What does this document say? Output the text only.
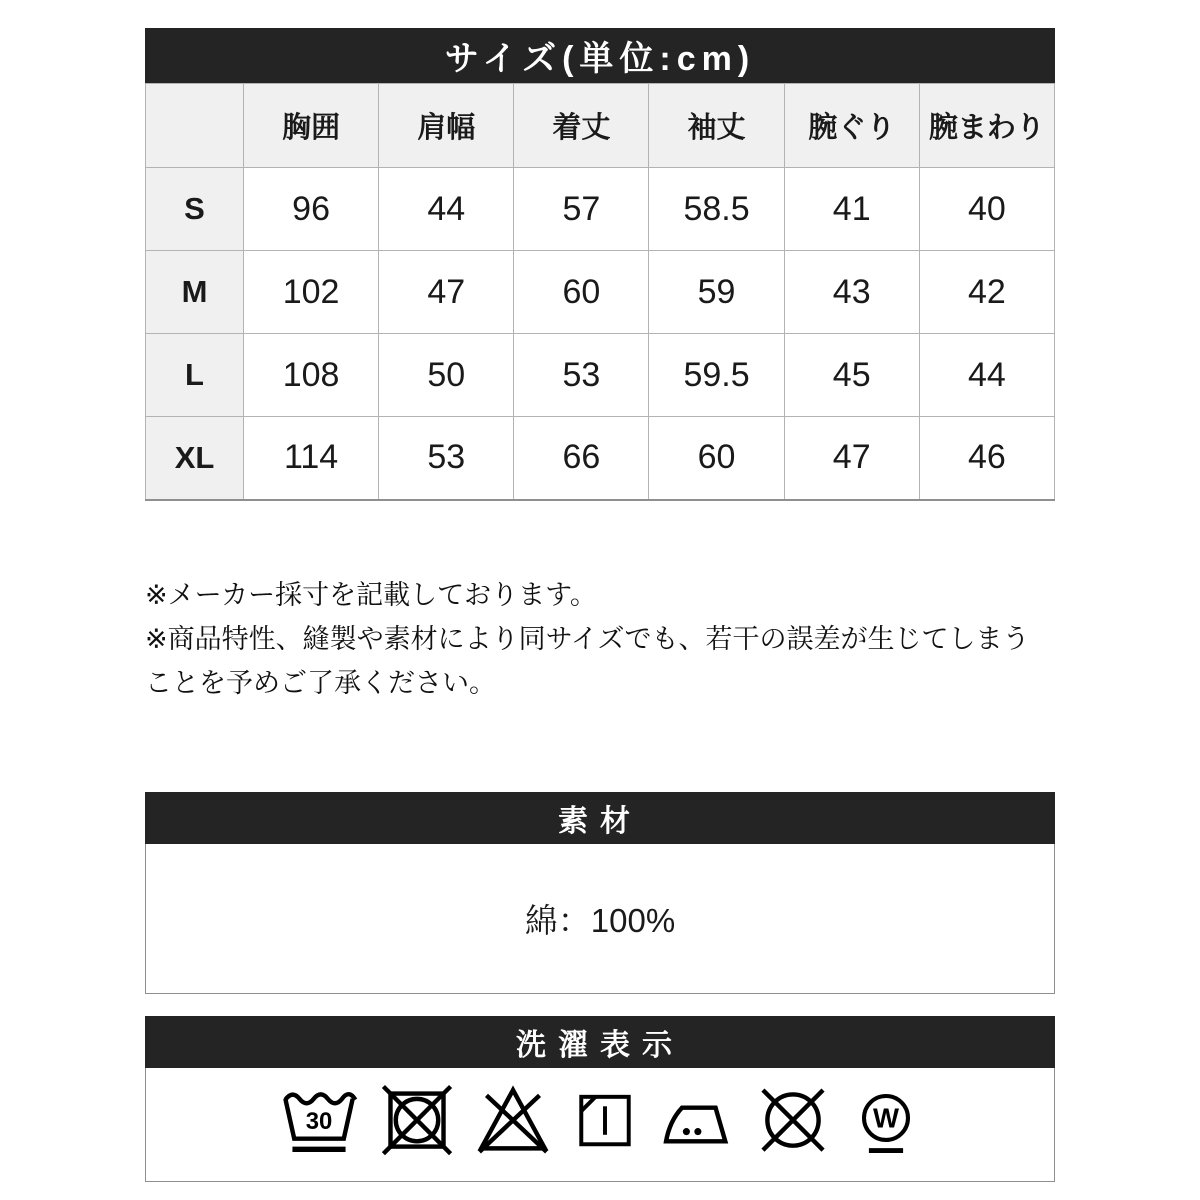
サイズ(単位:cm)
	胸囲	肩幅	着丈	袖丈	腕ぐり	腕まわり
S	96	44	57	58.5	41	40
M	102	47	60	59	43	42
L	108	50	53	59.5	45	44
XL	114	53	66	60	47	46
※メーカー採寸を記載しております。
※商品特性、縫製や素材により同サイズでも、若干の誤差が生じてしまう
ことを予めご了承ください。
素材
綿：100%
洗濯表示
30	W
